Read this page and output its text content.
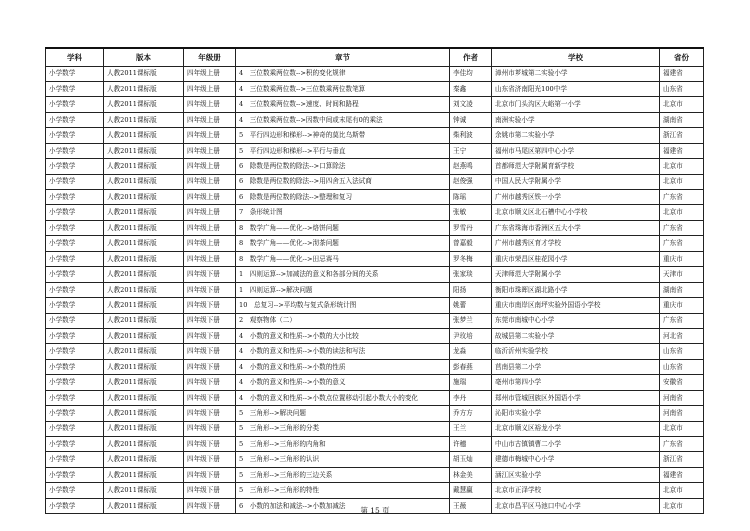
学科	版本	年级册	章节	作者	学校	省份
小学数学	人教2011课标版	四年级上册	4　三位数乘两位数-->积的变化规律	李佳均	漳州市芗城第二实验小学	福建省
小学数学	人教2011课标版	四年级上册	4　三位数乘两位数-->三位数乘两位数笔算	秦鑫	山东省济南阳光100中学	山东省
小学数学	人教2011课标版	四年级上册	4　三位数乘两位数-->速度、时间和路程	刘文凌	北京市门头沟区大峪第一小学	北京市
小学数学	人教2011课标版	四年级上册	4　三位数乘两位数-->因数中间或末尾有0的乘法	钟诚	南洲实验小学	湖南省
小学数学	人教2011课标版	四年级上册	5　平行四边形和梯形-->神奇的莫比乌斯带	柴利波	余姚市第二实验小学	浙江省
小学数学	人教2011课标版	四年级上册	5　平行四边形和梯形-->平行与垂直	王宁	福州市马尾区第四中心小学	福建省
小学数学	人教2011课标版	四年级上册	6　除数是两位数的除法-->口算除法	赵燕鸣	首都师范大学附属育新学校	北京市
小学数学	人教2011课标版	四年级上册	6　除数是两位数的除法-->用四舍五入法试商	赵俊强	中国人民大学附属小学	北京市
小学数学	人教2011课标版	四年级上册	6　除数是两位数的除法-->整理和复习	陈瑶	广州市越秀区铁一小学	广东省
小学数学	人教2011课标版	四年级上册	7　条形统计图	张敏	北京市顺义区北石槽中心小学校	北京市
小学数学	人教2011课标版	四年级上册	8　数学广角——优化-->烙饼问题	罗雪丹	广东省珠海市香洲区五大小学	广东省
小学数学	人教2011课标版	四年级上册	8　数学广角——优化-->沏茶问题	曾嘉毅	广州市越秀区育才学校	广东省
小学数学	人教2011课标版	四年级上册	8　数学广角——优化-->田忌赛马	罗冬梅	重庆市荣昌区桂花园小学	重庆市
小学数学	人教2011课标版	四年级下册	1　四则运算-->加减法的意义和各部分间的关系	张家琰	天津师范大学附属小学	天津市
小学数学	人教2011课标版	四年级下册	1　四则运算-->解决问题	阳扬	衡阳市珠晖区湖北路小学	湖南省
小学数学	人教2011课标版	四年级下册	10　总复习-->平均数与复式条形统计图	姚蕾	重庆市南岸区南坪实验外国语小学校	重庆市
小学数学	人教2011课标版	四年级下册	2　观察物体（二）	张梦兰	东莞市南城中心小学	广东省
小学数学	人教2011课标版	四年级下册	4　小数的意义和性质-->小数的大小比较	尹玫培	故城县第二实验小学	河北省
小学数学	人教2011课标版	四年级下册	4　小数的意义和性质-->小数的读法和写法	龙淼	临沂沂州实验学校	山东省
小学数学	人教2011课标版	四年级下册	4　小数的意义和性质-->小数的性质	彭春燕	莒南县第二小学	山东省
小学数学	人教2011课标版	四年级下册	4　小数的意义和性质-->小数的意义	施瑞	亳州市第四小学	安徽省
小学数学	人教2011课标版	四年级下册	4　小数的意义和性质-->小数点位置移动引起小数大小的变化	李丹	郑州市管城回族区外国语小学	河南省
小学数学	人教2011课标版	四年级下册	5　三角形-->解决问题	乔方方	沁阳市实验小学	河南省
小学数学	人教2011课标版	四年级下册	5　三角形-->三角形的分类	王兰	北京市顺义区裕龙小学	北京市
小学数学	人教2011课标版	四年级下册	5　三角形-->三角形的内角和	许穗	中山市古镇镇曹二小学	广东省
小学数学	人教2011课标版	四年级下册	5　三角形-->三角形的认识	胡玉灿	建德市梅城中心小学	浙江省
小学数学	人教2011课标版	四年级下册	5　三角形-->三角形的三边关系	林金美	涵江区实验小学	福建省
小学数学	人教2011课标版	四年级下册	5　三角形-->三角形的特性	戴慧赢	北京市正泽学校	北京市
小学数学	人教2011课标版	四年级下册	6　小数的加法和减法-->小数加减法	王薇	北京市昌平区马池口中心小学	北京市
第 15 页
